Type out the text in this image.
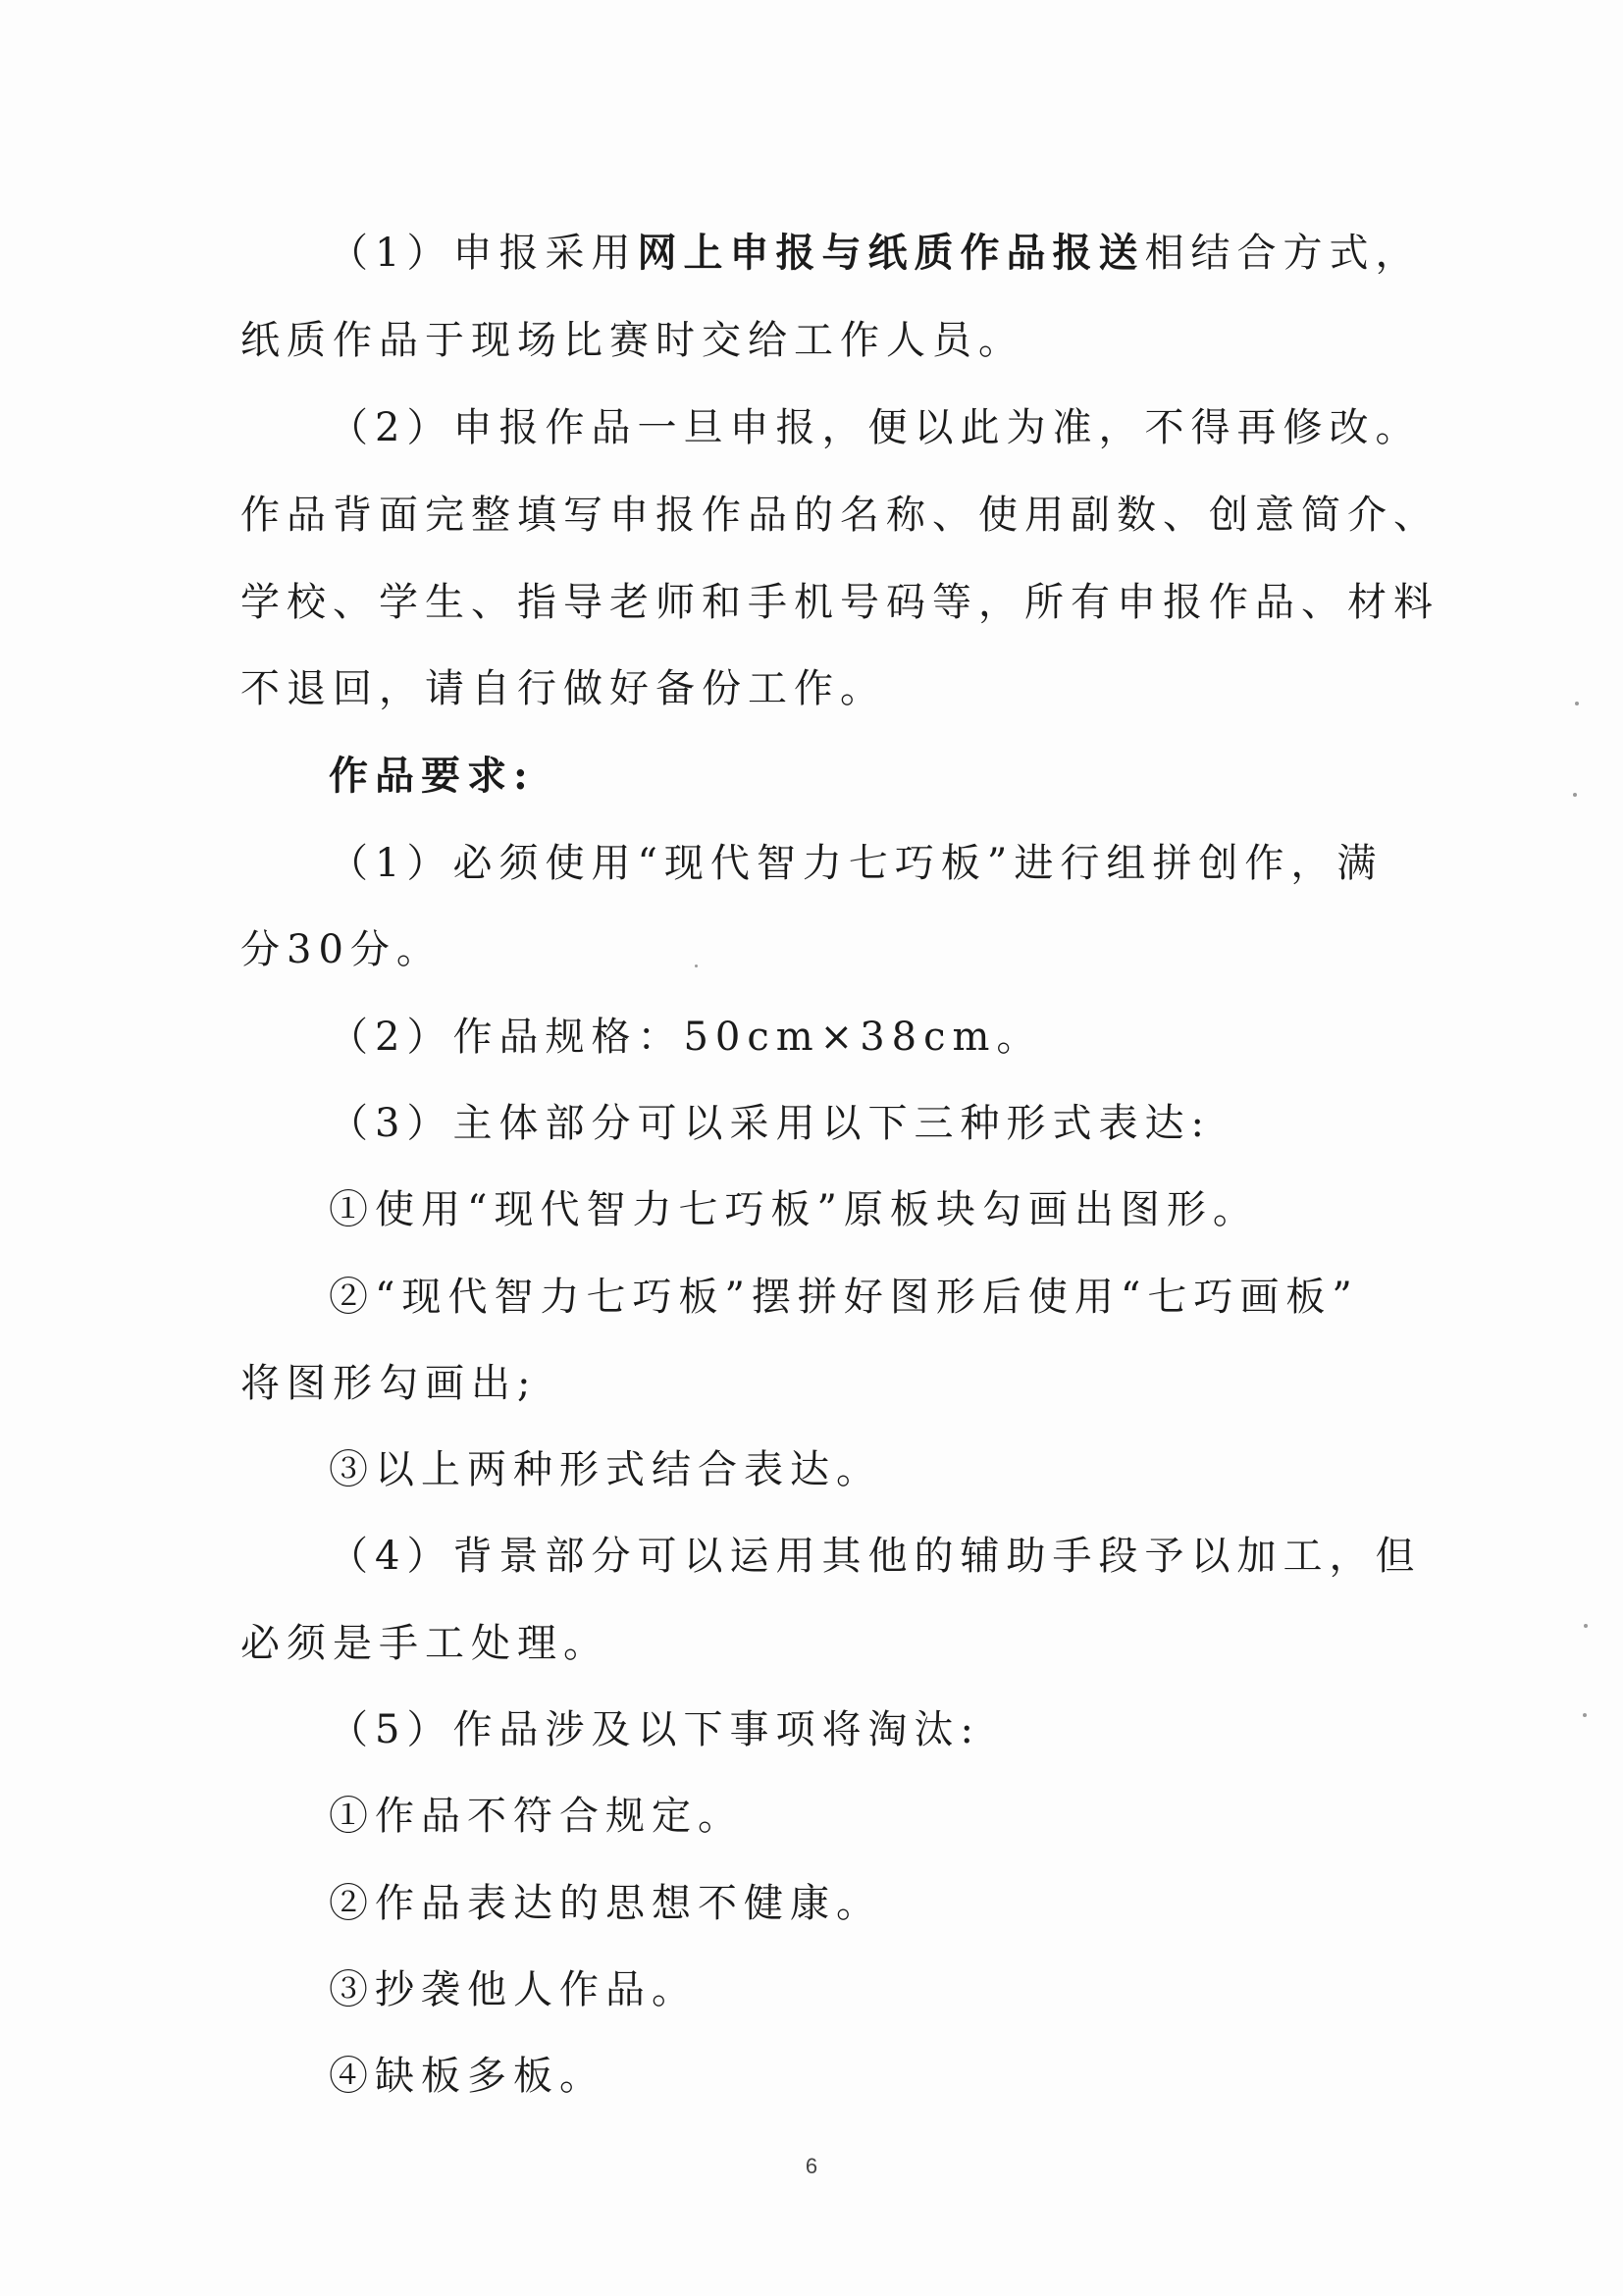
（1）申报采用网上申报与纸质作品报送相结合方式，
纸质作品于现场比赛时交给工作人员。
（2）申报作品一旦申报，便以此为准，不得再修改。
作品背面完整填写申报作品的名称、使用副数、创意简介、
学校、学生、指导老师和手机号码等，所有申报作品、材料
不退回，请自行做好备份工作。
作品要求:
（1）必须使用“现代智力七巧板”进行组拼创作，满
分30分。
（2）作品规格：50cm×38cm。
（3）主体部分可以采用以下三种形式表达:
①使用“现代智力七巧板”原板块勾画出图形。
②“现代智力七巧板”摆拼好图形后使用“七巧画板”
将图形勾画出;
③以上两种形式结合表达。
（4）背景部分可以运用其他的辅助手段予以加工，但
必须是手工处理。
（5）作品涉及以下事项将淘汰:
①作品不符合规定。
②作品表达的思想不健康。
③抄袭他人作品。
④缺板多板。
6
